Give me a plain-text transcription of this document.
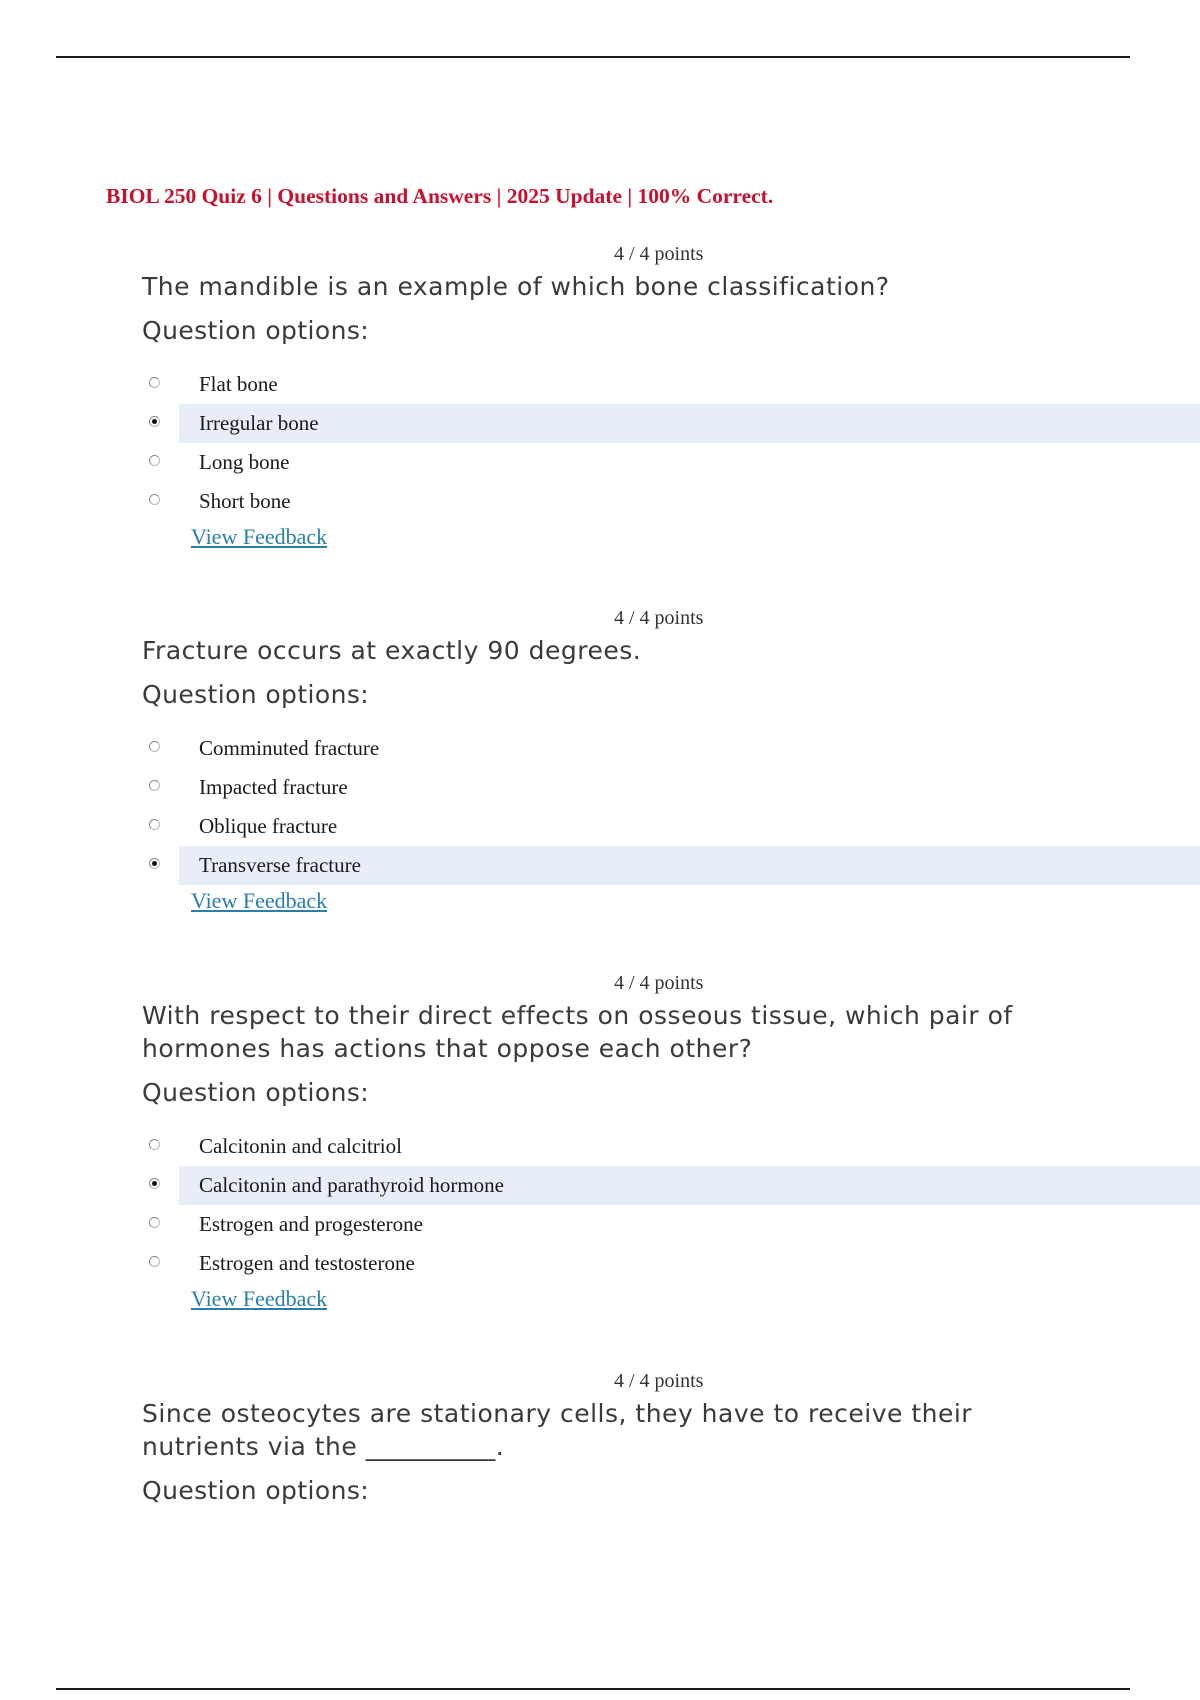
BIOL 250 Quiz 6 | Questions and Answers | 2025 Update | 100% Correct.
4 / 4 points

The mandible is an example of which bone classification?

Question options:
Flat bone
Irregular bone
Long bone
Short bone
View Feedback
4 / 4 points

Fracture occurs at exactly 90 degrees.

Question options:
Comminuted fracture
Impacted fracture
Oblique fracture
Transverse fracture
View Feedback
4 / 4 points

With respect to their direct effects on osseous tissue, which pair of hormones has actions that oppose each other?

Question options:
Calcitonin and calcitriol
Calcitonin and parathyroid hormone
Estrogen and progesterone
Estrogen and testosterone
View Feedback
4 / 4 points

Since osteocytes are stationary cells, they have to receive their nutrients via the __________.

Question options:
